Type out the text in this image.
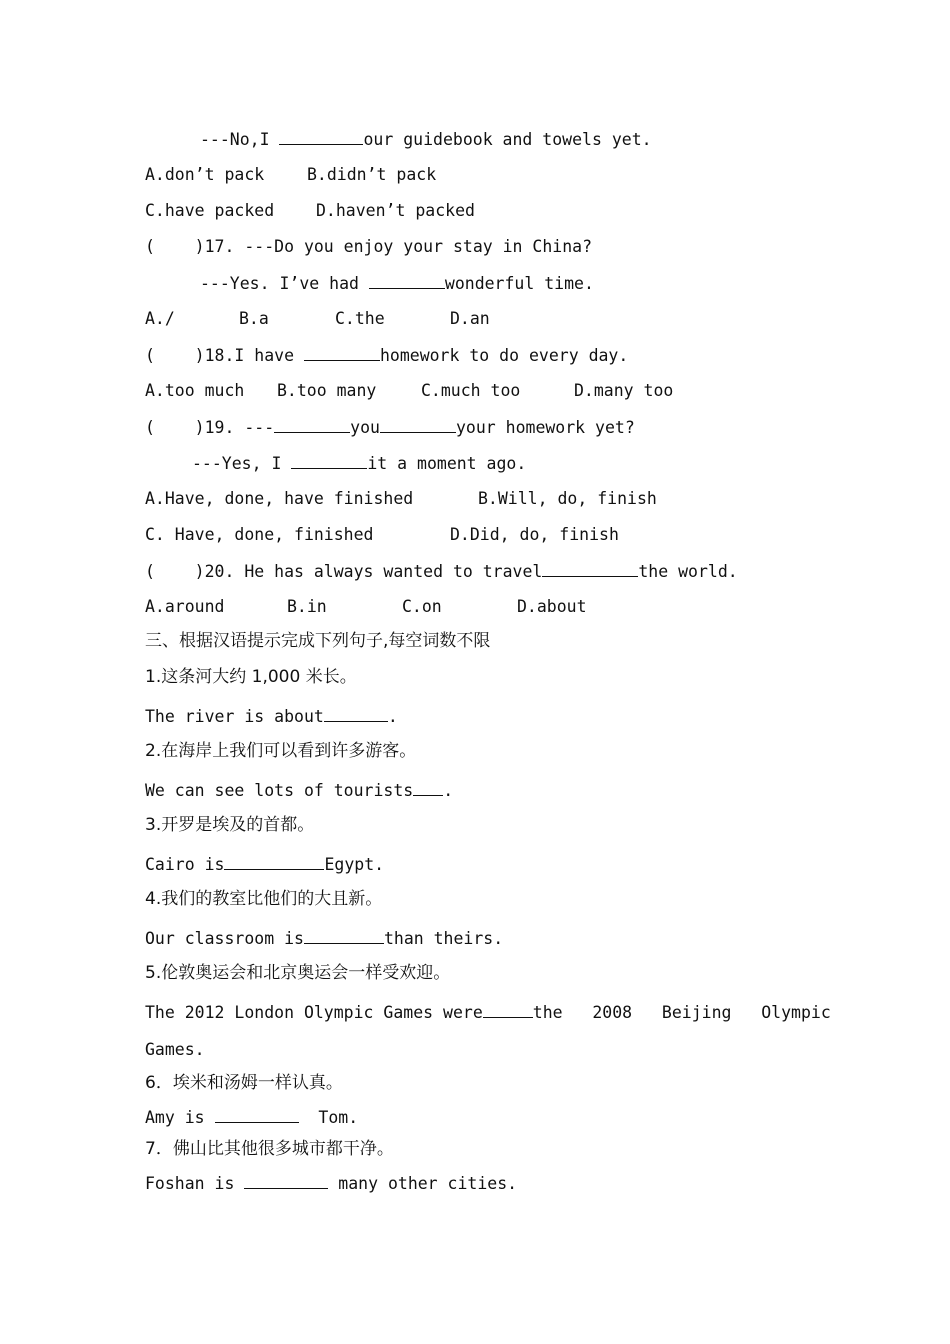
---No,I	our guidebook and towels yet.

A.don’t pack

	B.didn’t pack

C.have packed

	D.haven’t packed

(    )17. ---Do you enjoy your stay in China?
---Yes. I’ve had	wonderful time.

A./

	B.a

	C.the

	D.an

(    )18.I have	homework to do every day.

A.too much

B.too many

	C.much too

	D.many too

(    )19. ---	you	your homework yet?
---Yes, I	it a moment ago.

A.Have, done, have finished

	B.Will, do, finish

C. Have, done, finished

	D.Did, do, finish

(    )20. He has always wanted to travel	the world.

A.around

	B.in

	C.on

	D.about

三、根据汉语提示完成下列句子,每空词数不限
1.这条河大约 1,000 米长。
The river is about	.
2.在海岸上我们可以看到许多游客。
We can see lots of tourists .
3.开罗是埃及的首都。
Cairo is	Egypt.
4.我们的教室比他们的大且新。
Our classroom is	than theirs.
5.伦敦奥运会和北京奥运会一样受欢迎。
The 2012 London Olympic Games were	the   2008   Beijing   Olympic
Games.
6．埃米和汤姆一样认真。
Amy is	Tom.
7．佛山比其他很多城市都干净。
Foshan is	many other cities.
